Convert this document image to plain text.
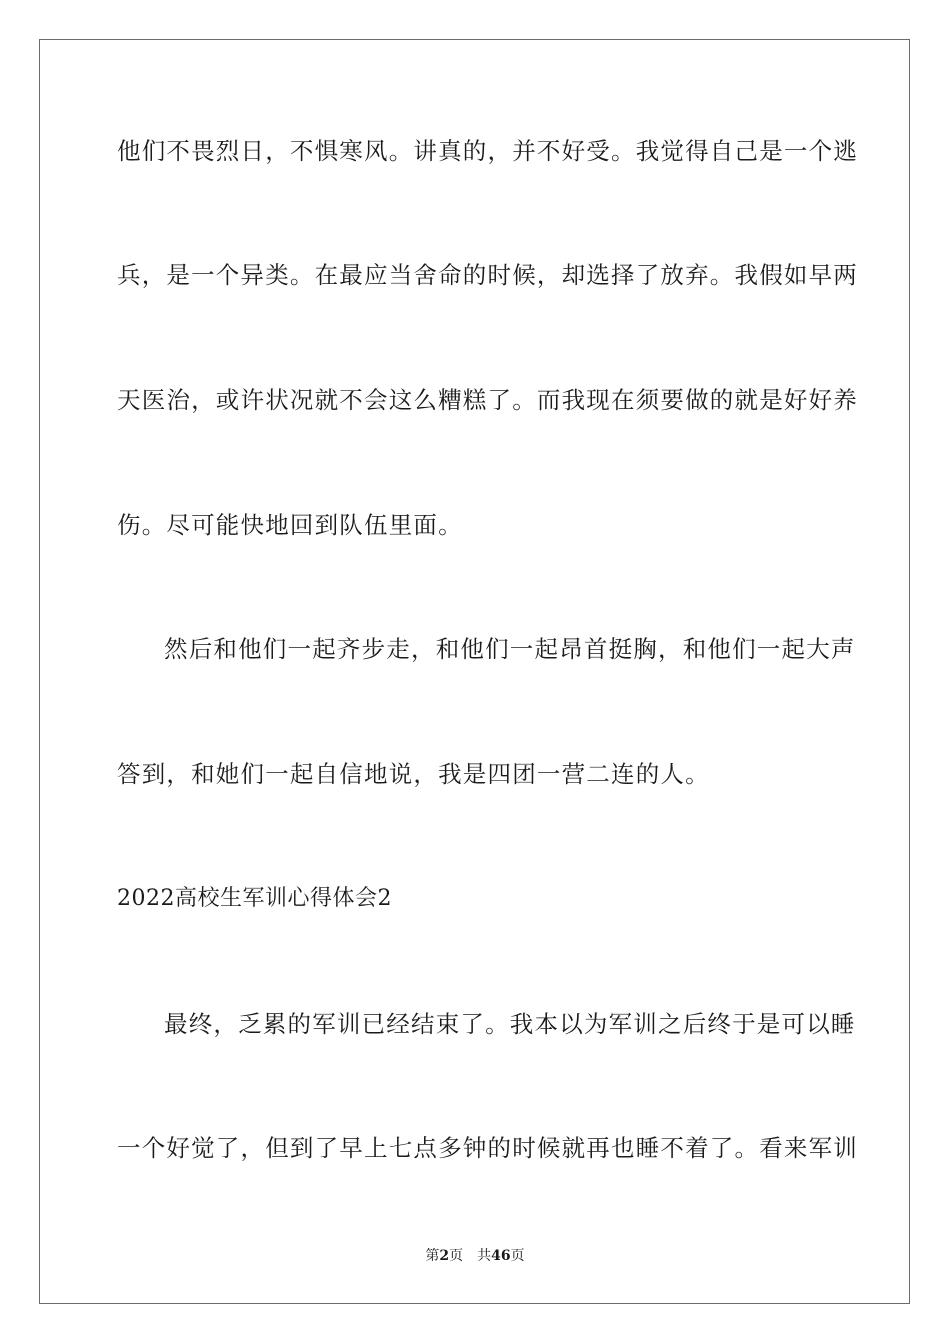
他们不畏烈日，不惧寒风。讲真的，并不好受。我觉得自己是一个逃
兵，是一个异类。在最应当舍命的时候，却选择了放弃。我假如早两
天医治，或许状况就不会这么糟糕了。而我现在须要做的就是好好养
伤。尽可能快地回到队伍里面。
然后和他们一起齐步走，和他们一起昂首挺胸，和他们一起大声
答到，和她们一起自信地说，我是四团一营二连的人。
2022高校生军训心得体会2
最终，乏累的军训已经结束了。我本以为军训之后终于是可以睡
一个好觉了，但到了早上七点多钟的时候就再也睡不着了。看来军训
第2页 共46页
